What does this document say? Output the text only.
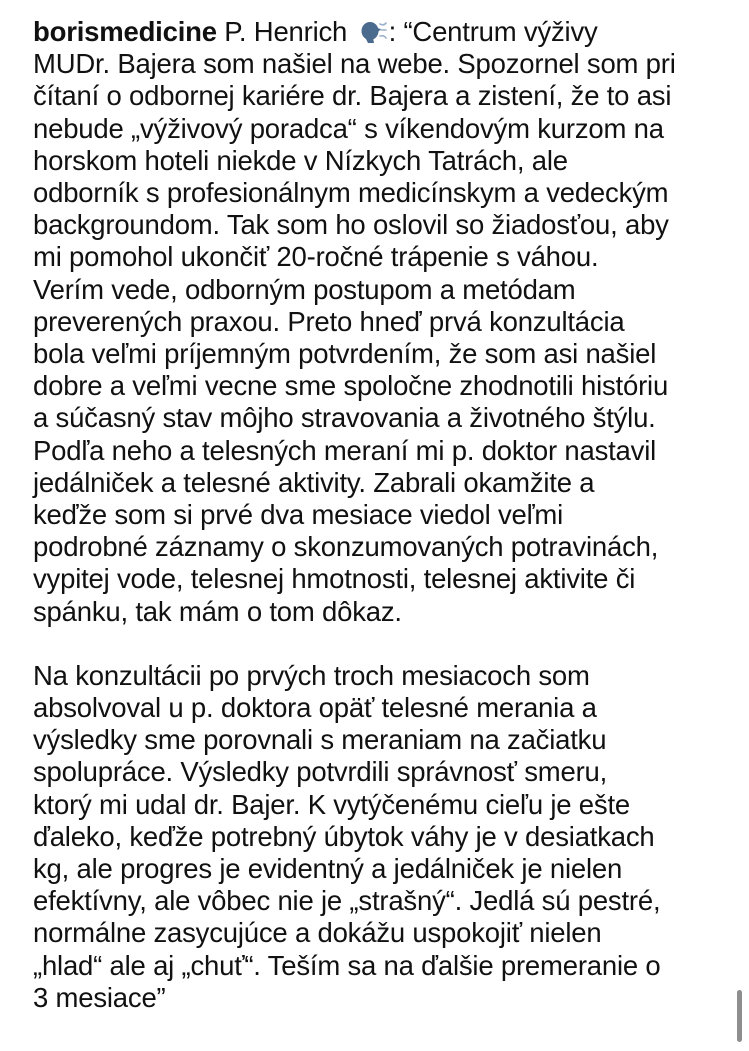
borismedicine P. Henrich : “Centrum výživy
MUDr. Bajera som našiel na webe. Spozornel som pri
čítaní o odbornej kariére dr. Bajera a zistení, že to asi
nebude „výživový poradca“ s víkendovým kurzom na
horskom hoteli niekde v Nízkych Tatrách, ale
odborník s profesionálnym medicínskym a vedeckým
backgroundom. Tak som ho oslovil so žiadosťou, aby
mi pomohol ukončiť 20-ročné trápenie s váhou.
Verím vede, odborným postupom a metódam
preverených praxou. Preto hneď prvá konzultácia
bola veľmi príjemným potvrdením, že som asi našiel
dobre a veľmi vecne sme spoločne zhodnotili históriu
a súčasný stav môjho stravovania a životného štýlu.
Podľa neho a telesných meraní mi p. doktor nastavil
jedálniček a telesné aktivity. Zabrali okamžite a
keďže som si prvé dva mesiace viedol veľmi
podrobné záznamy o skonzumovaných potravinách,
vypitej vode, telesnej hmotnosti, telesnej aktivite či
spánku, tak mám o tom dôkaz.
Na konzultácii po prvých troch mesiacoch som
absolvoval u p. doktora opäť telesné merania a
výsledky sme porovnali s meraniam na začiatku
spolupráce. Výsledky potvrdili správnosť smeru,
ktorý mi udal dr. Bajer. K vytýčenému cieľu je ešte
ďaleko, keďže potrebný úbytok váhy je v desiatkach
kg, ale progres je evidentný a jedálniček je nielen
efektívny, ale vôbec nie je „strašný“. Jedlá sú pestré,
normálne zasycujúce a dokážu uspokojiť nielen
„hlad“ ale aj „chuť“. Teším sa na ďalšie premeranie o
3 mesiace”
